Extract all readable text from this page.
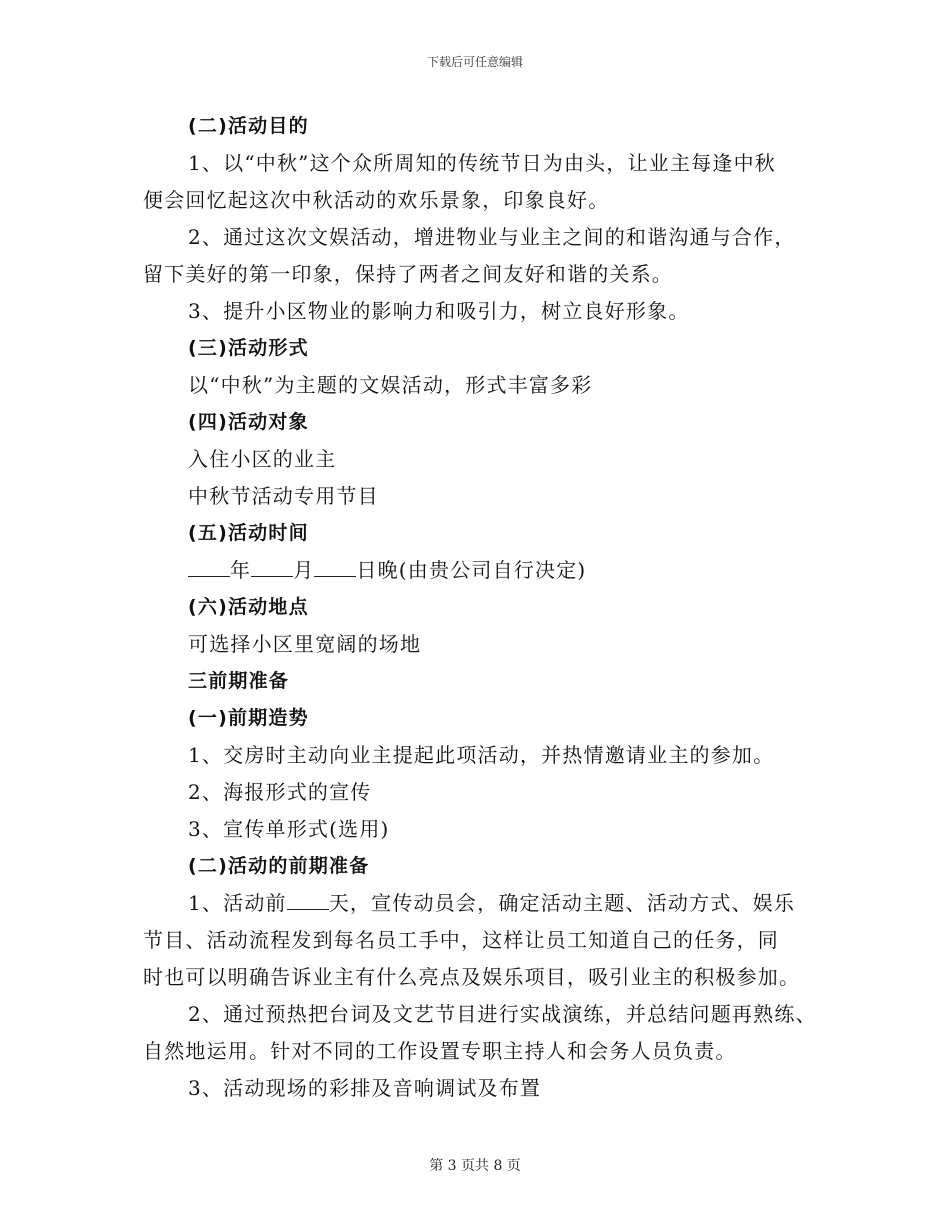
下载后可任意编辑

(二)活动目的

1、以“中秋”这个众所周知的传统节日为由头，让业主每逢中秋

便会回忆起这次中秋活动的欢乐景象，印象良好。

2、通过这次文娱活动，增进物业与业主之间的和谐沟通与合作，

留下美好的第一印象，保持了两者之间友好和谐的关系。

3、提升小区物业的影响力和吸引力，树立良好形象。

(三)活动形式

以“中秋”为主题的文娱活动，形式丰富多彩

(四)活动对象

入住小区的业主

中秋节活动专用节目

(五)活动时间

年 月 日晚(由贵公司自行决定)

(六)活动地点

可选择小区里宽阔的场地

三前期准备

(一)前期造势

1、交房时主动向业主提起此项活动，并热情邀请业主的参加。

2、海报形式的宣传

3、宣传单形式(选用)

(二)活动的前期准备

1、活动前 天，宣传动员会，确定活动主题、活动方式、娱乐

节目、活动流程发到每名员工手中，这样让员工知道自己的任务，同

时也可以明确告诉业主有什么亮点及娱乐项目，吸引业主的积极参加。

2、通过预热把台词及文艺节目进行实战演练，并总结问题再熟练、

自然地运用。针对不同的工作设置专职主持人和会务人员负责。

3、活动现场的彩排及音响调试及布置

第 3 页共 8 页
